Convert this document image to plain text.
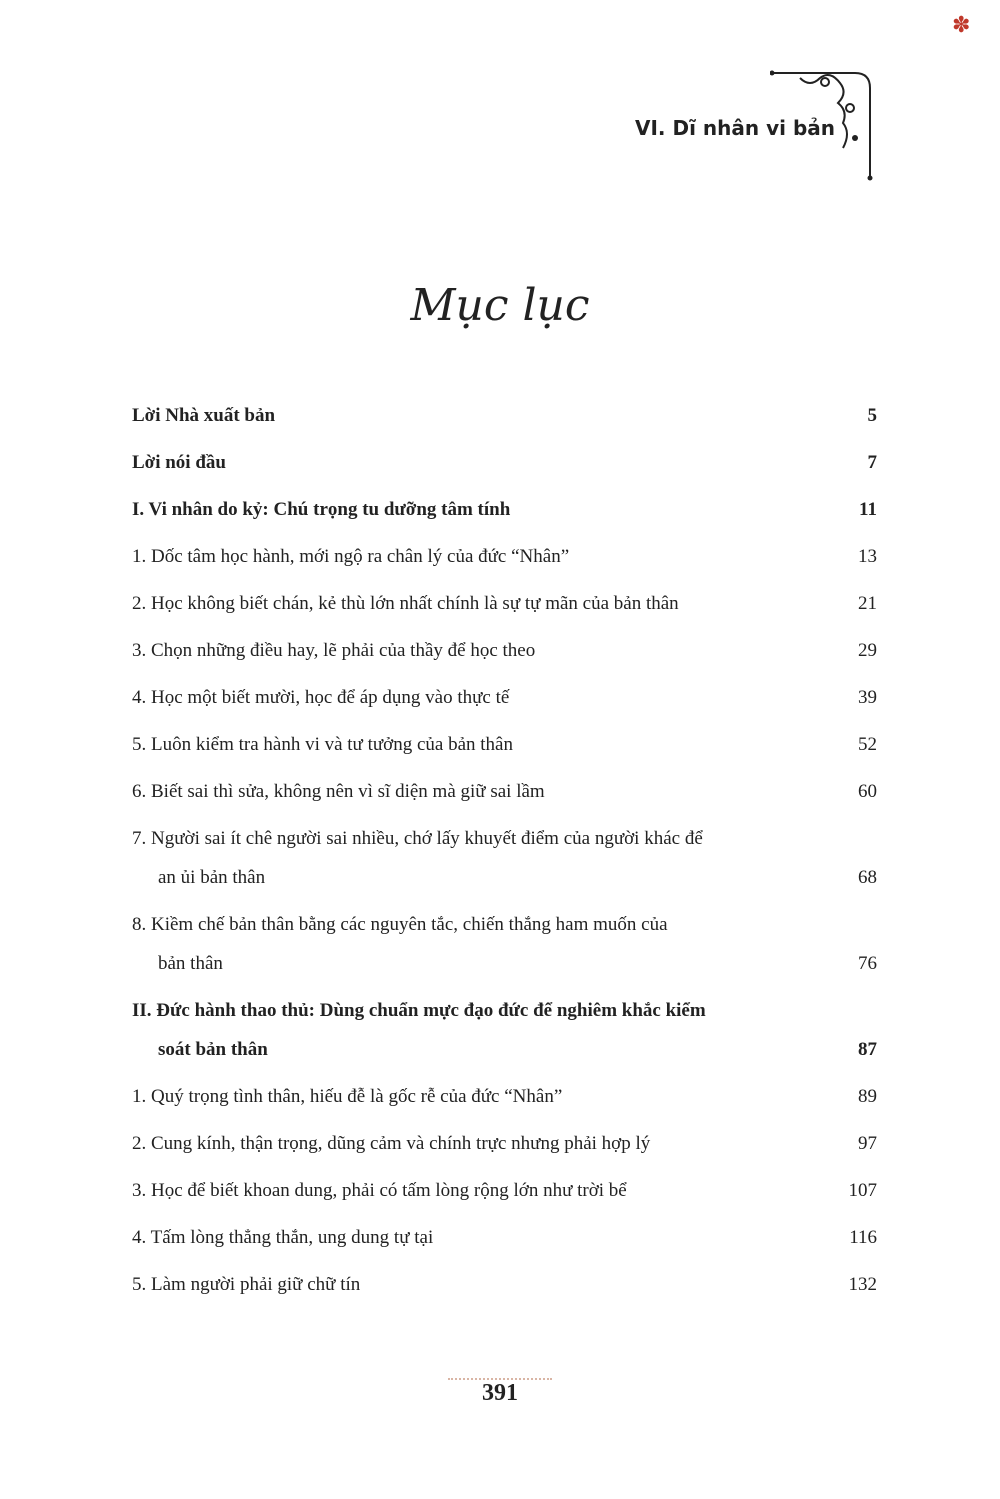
✽
VI. Dĩ nhân vi bản
Mục lục
Lời Nhà xuất bản	5
Lời nói đầu	7
I. Vi nhân do kỷ: Chú trọng tu dưỡng tâm tính	11
1. Dốc tâm học hành, mới ngộ ra chân lý của đức “Nhân”	13
2. Học không biết chán, kẻ thù lớn nhất chính là sự tự mãn của bản thân	21
3. Chọn những điều hay, lẽ phải của thầy để học theo	29
4. Học một biết mười, học để áp dụng vào thực tế	39
5. Luôn kiểm tra hành vi và tư tưởng của bản thân	52
6. Biết sai thì sửa, không nên vì sĩ diện mà giữ sai lầm	60
7. Người sai ít chê người sai nhiều, chớ lấy khuyết điểm của người khác để
an ủi bản thân	68
8. Kiềm chế bản thân bằng các nguyên tắc, chiến thắng ham muốn của
bản thân	76
II. Đức hành thao thủ: Dùng chuẩn mực đạo đức để nghiêm khắc kiểm
soát bản thân	87
1. Quý trọng tình thân, hiếu đễ là gốc rễ của đức “Nhân”	89
2. Cung kính, thận trọng, dũng cảm và chính trực nhưng phải hợp lý	97
3. Học để biết khoan dung, phải có tấm lòng rộng lớn như trời bể	107
4. Tấm lòng thẳng thắn, ung dung tự tại	116
5. Làm người phải giữ chữ tín	132
391
